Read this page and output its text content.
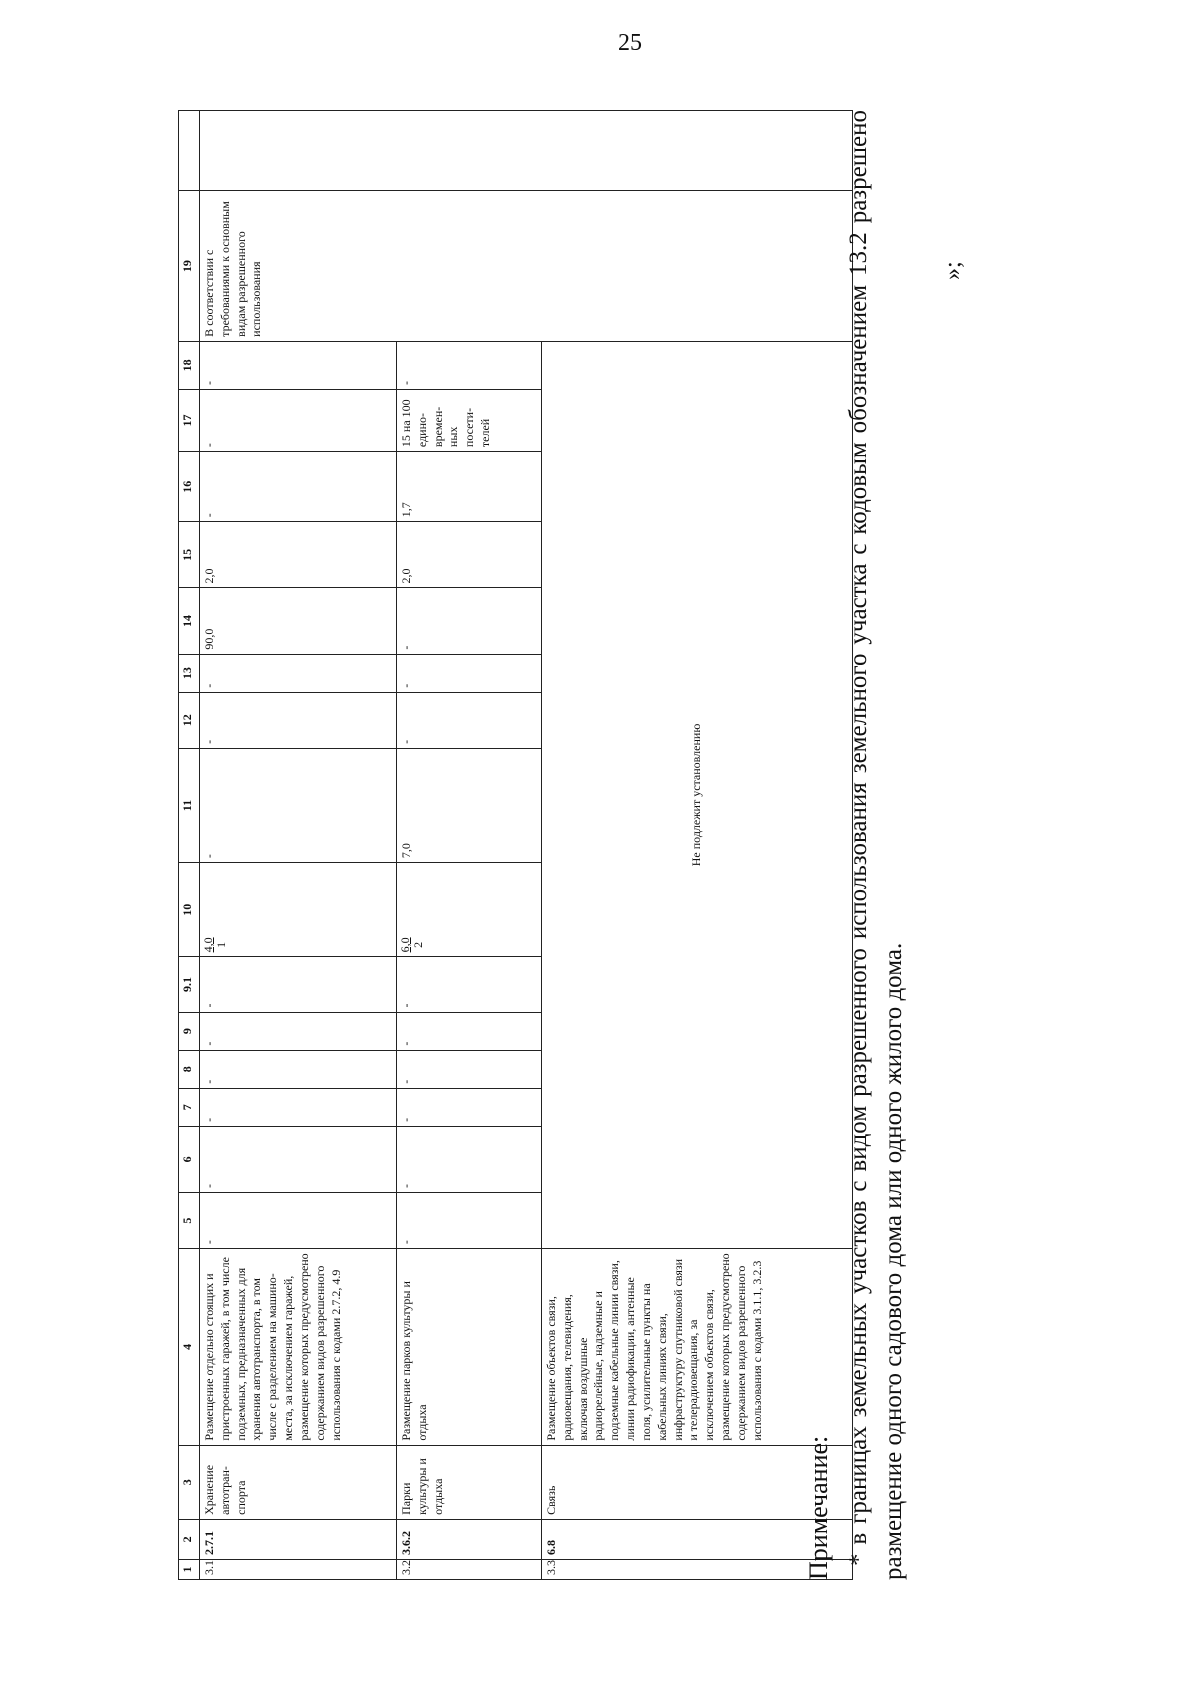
25
1	2	3	4	5	6	7	8	9	9.1	10	11	12	13	14	15	16	17	18	19	
3.1	2.7.1	Хранение автотран-спорта	Размещение отдельно стоящих и пристроенных гаражей, в том числе подземных, предназначенных для хранения автотранспорта, в том числе с разделением на машино-места, за исключением гаражей, размещение которых предусмотрено содержанием видов разрешенного использования с кодами 2.7.2, 4.9	-	-	-	-	-	-	4,0 1	-	-	-	90,0	2,0	-	-	-	В соответствии с требованиями к основным видам разрешенного использования	
3.2	3.6.2	Парки культуры и отдыха	Размещение парков культуры и отдыха	-	-	-	-	-	-	6,0 2	7,0	-	-	-	2,0	1,7	15 на 100 едино-времен-ных посети-телей	-		
3.3	6.8	Связь	Размещение объектов связи, радиовещания, телевидения, включая воздушные радиорелейные, надземные и подземные кабельные линии связи, линии радиофикации, антенные поля, усилительные пункты на кабельных линиях связи, инфраструктуру спутниковой связи и телерадиовещания, за исключением объектов связи, размещение которых предусмотрено содержанием видов разрешенного использования с кодами 3.1.1, 3.2.3	Не подлежит установлению																
Примечание: * в границах земельных участков с видом разрешенного использования земельного участка с кодовым обозначением 13.2 разрешено размещение одного садового дома или одного жилого дома.
»;
